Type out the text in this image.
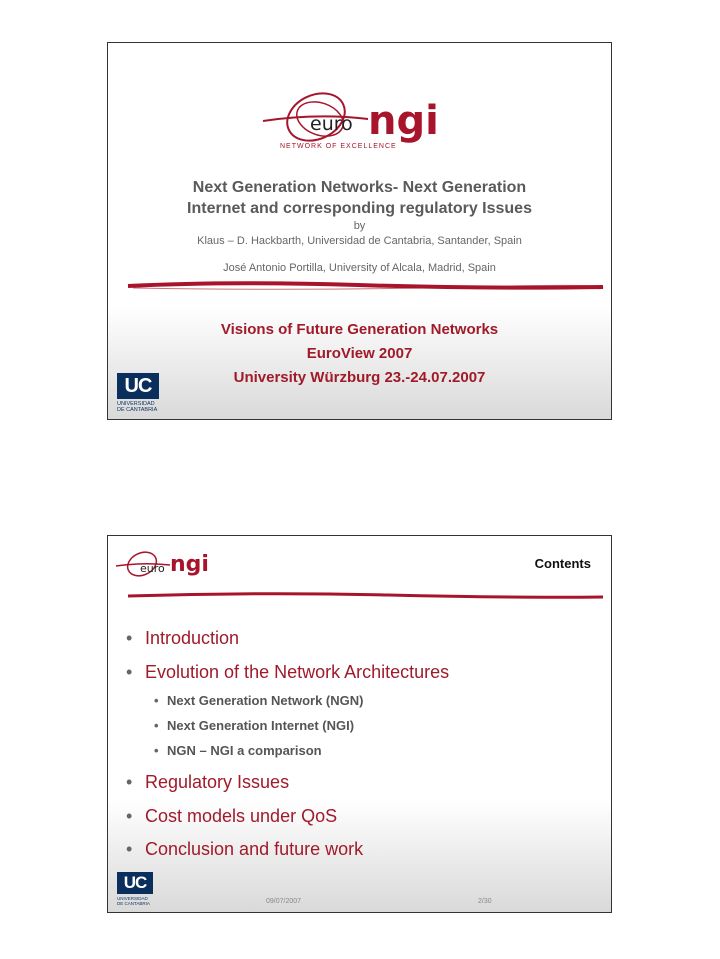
euro ngi
NETWORK OF EXCELLENCE
Next Generation Networks- Next Generation
Internet and corresponding regulatory Issues
by
Klaus – D. Hackbarth, Universidad de Cantabria, Santander, Spain
José Antonio Portilla, University of Alcala, Madrid, Spain
Visions of Future Generation Networks
EuroView 2007
University Würzburg 23.-24.07.2007
UC
UNIVERSIDAD
DE CANTABRIA
euro ngi	Contents
• Introduction
• Evolution of the Network Architectures
• Next Generation Network (NGN)
• Next Generation Internet (NGI)
• NGN – NGI a comparison
• Regulatory Issues
• Cost models under QoS
• Conclusion and future work
UC
UNIVERSIDAD
DE CANTABRIA	09/07/2007	2/30
